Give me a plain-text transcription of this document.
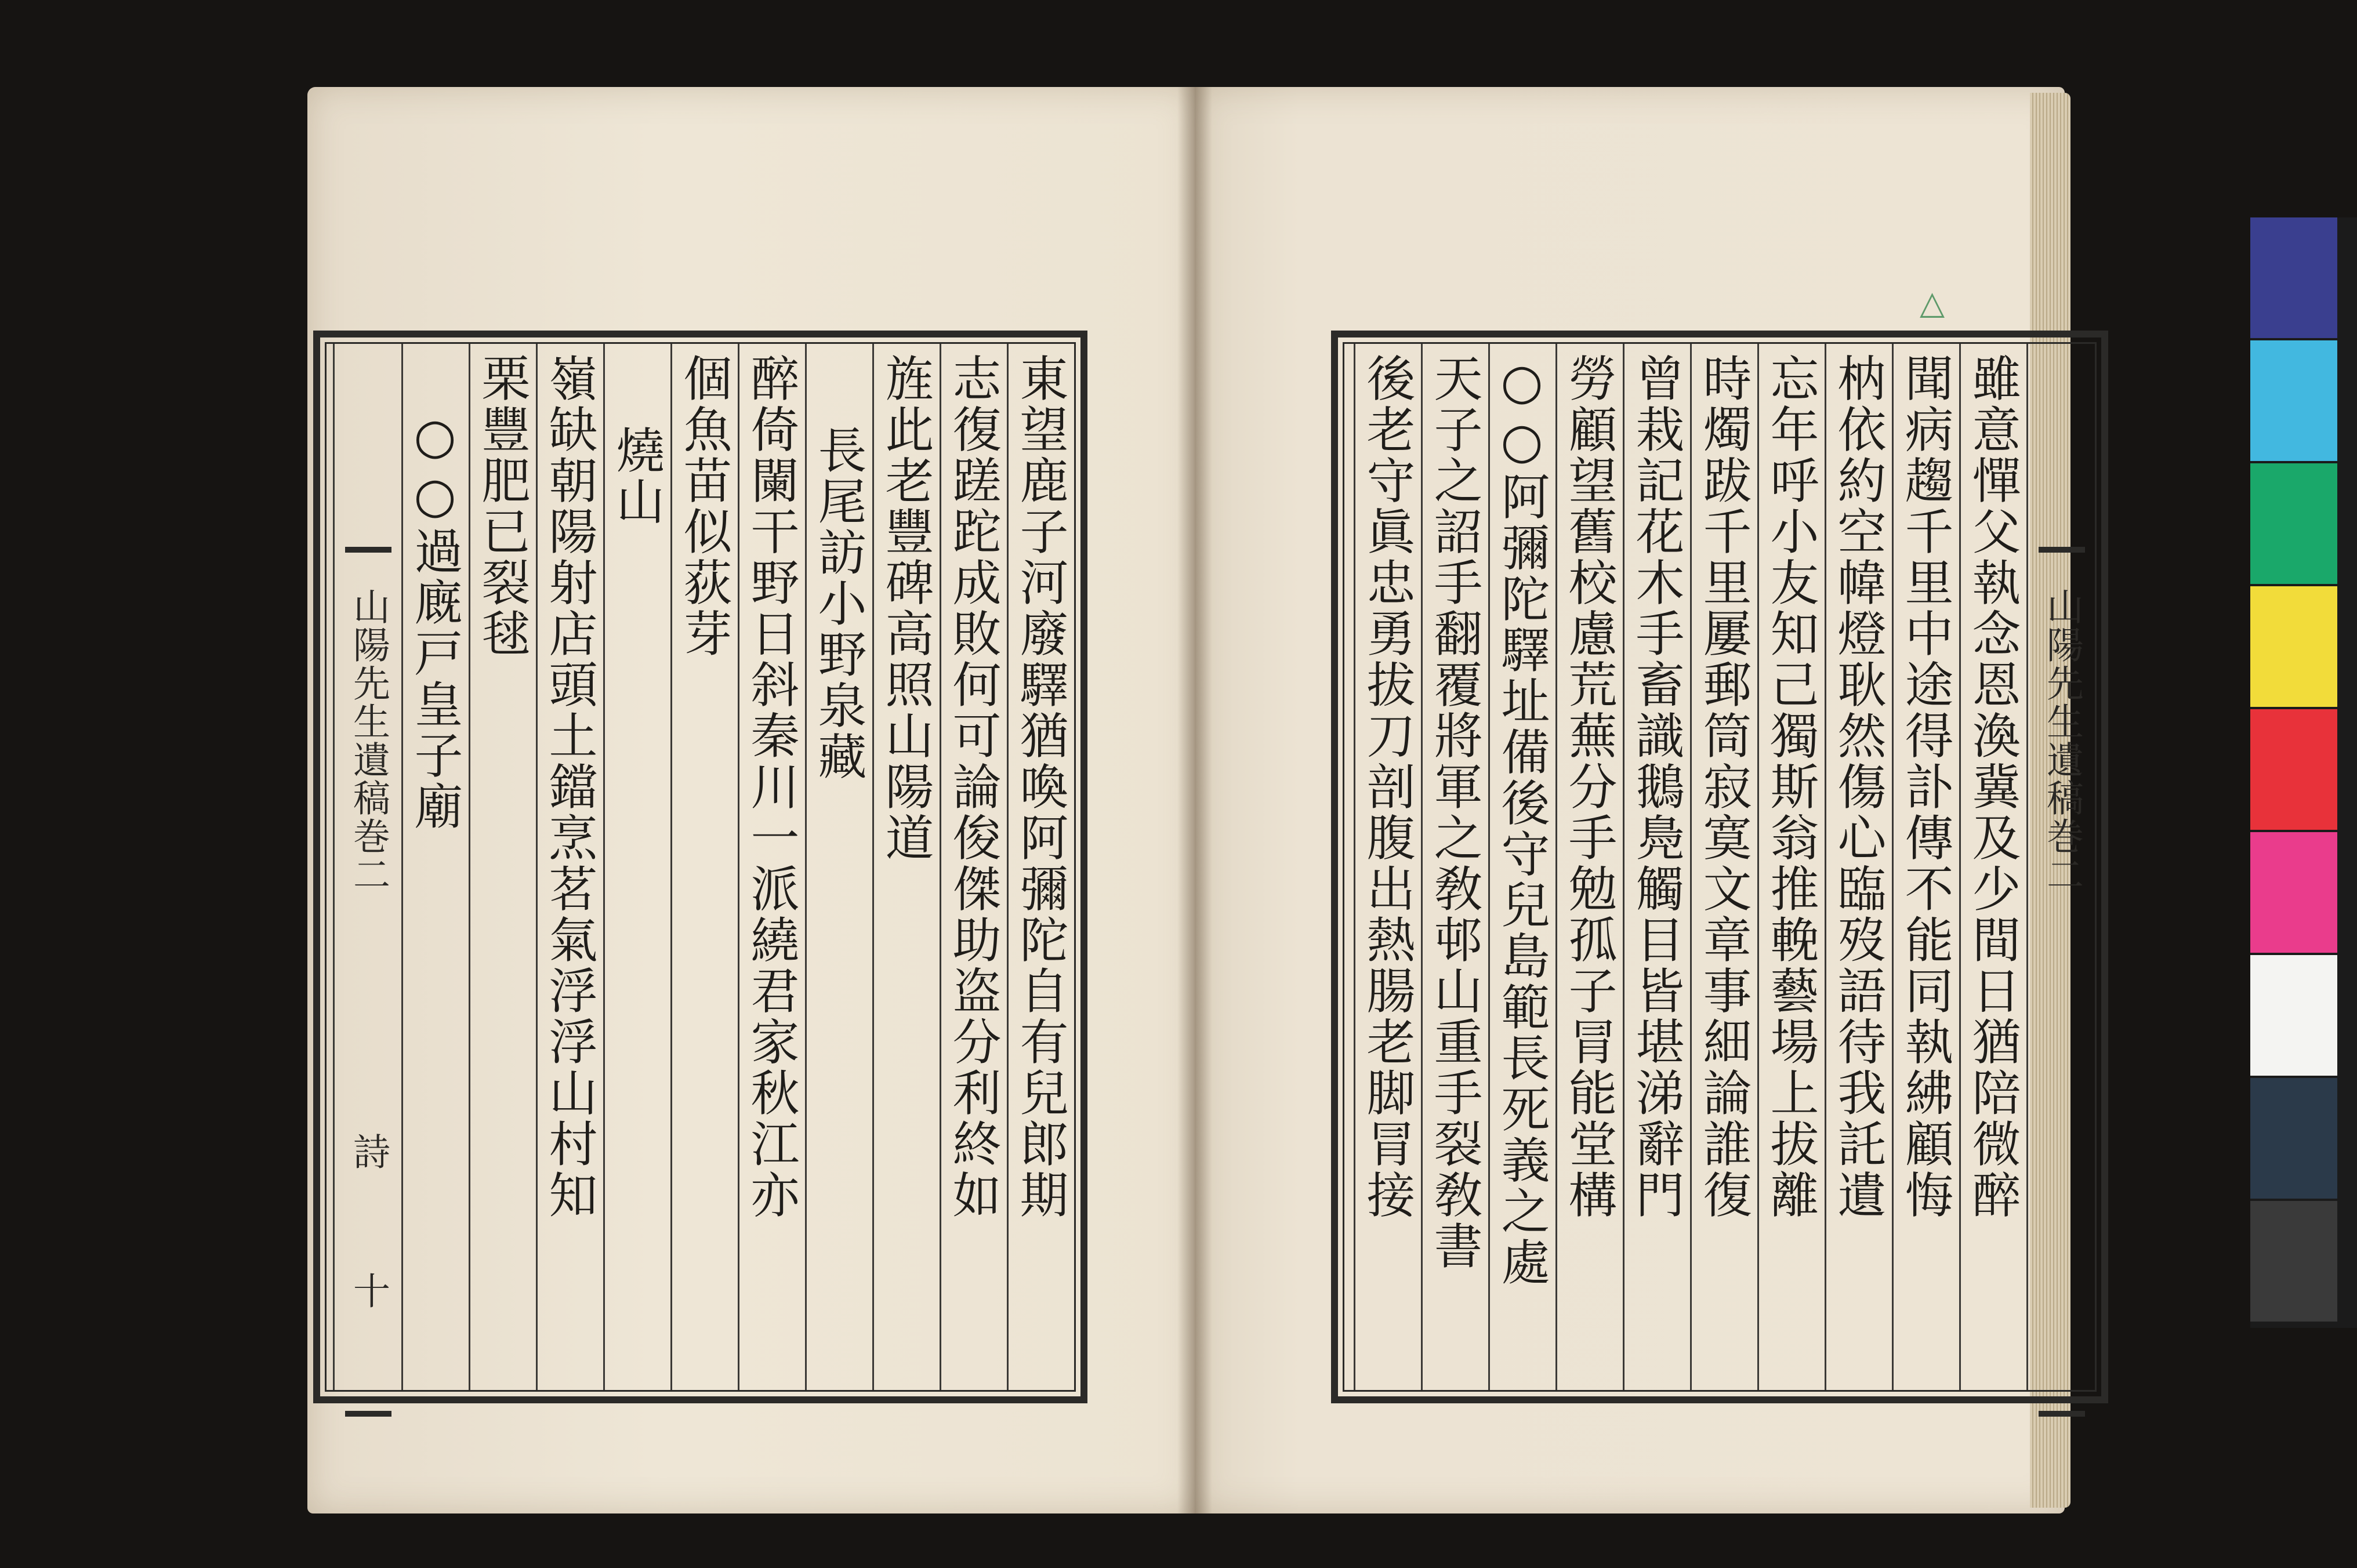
東望鹿子河廢驛猶喚阿彌陀自有兒郎期
志復蹉跎成敗何可論俊傑助盗分利終如
旌此老豐碑高照山陽道
長尾訪小野泉藏
醉倚闌干野日斜秦川一派繞君家秋江亦
個魚苗似荻芽
燒山
嶺缺朝陽射店頭土鐺烹茗氣浮浮山村知
栗豐肥已裂毬
○○過廐戸皇子廟
山陽先生遺稿巻二
詩
十
山陽先生遺稿巻二
雖意憚父執念恩渙冀及少間日猶陪微醉
聞病趨千里中途得訃傳不能同執紼顧悔
枘依約空幃燈耿然傷心臨歿語待我託遺
忘年呼小友知己獨斯翁推輓藝場上拔離
時燭跋千里屢郵筒寂寞文章事細論誰復
曾栽記花木手畜識鵝鳧觸目皆堪涕辭門
勞顧望舊校慮荒蕪分手勉孤子冐能堂構
○○阿彌陀驛址備後守兒島範長死義之處
天子之詔手翻覆將軍之敎邨山重手裂敎書
後老守眞忠勇拔刀剖腹出熱腸老脚冐接
△
